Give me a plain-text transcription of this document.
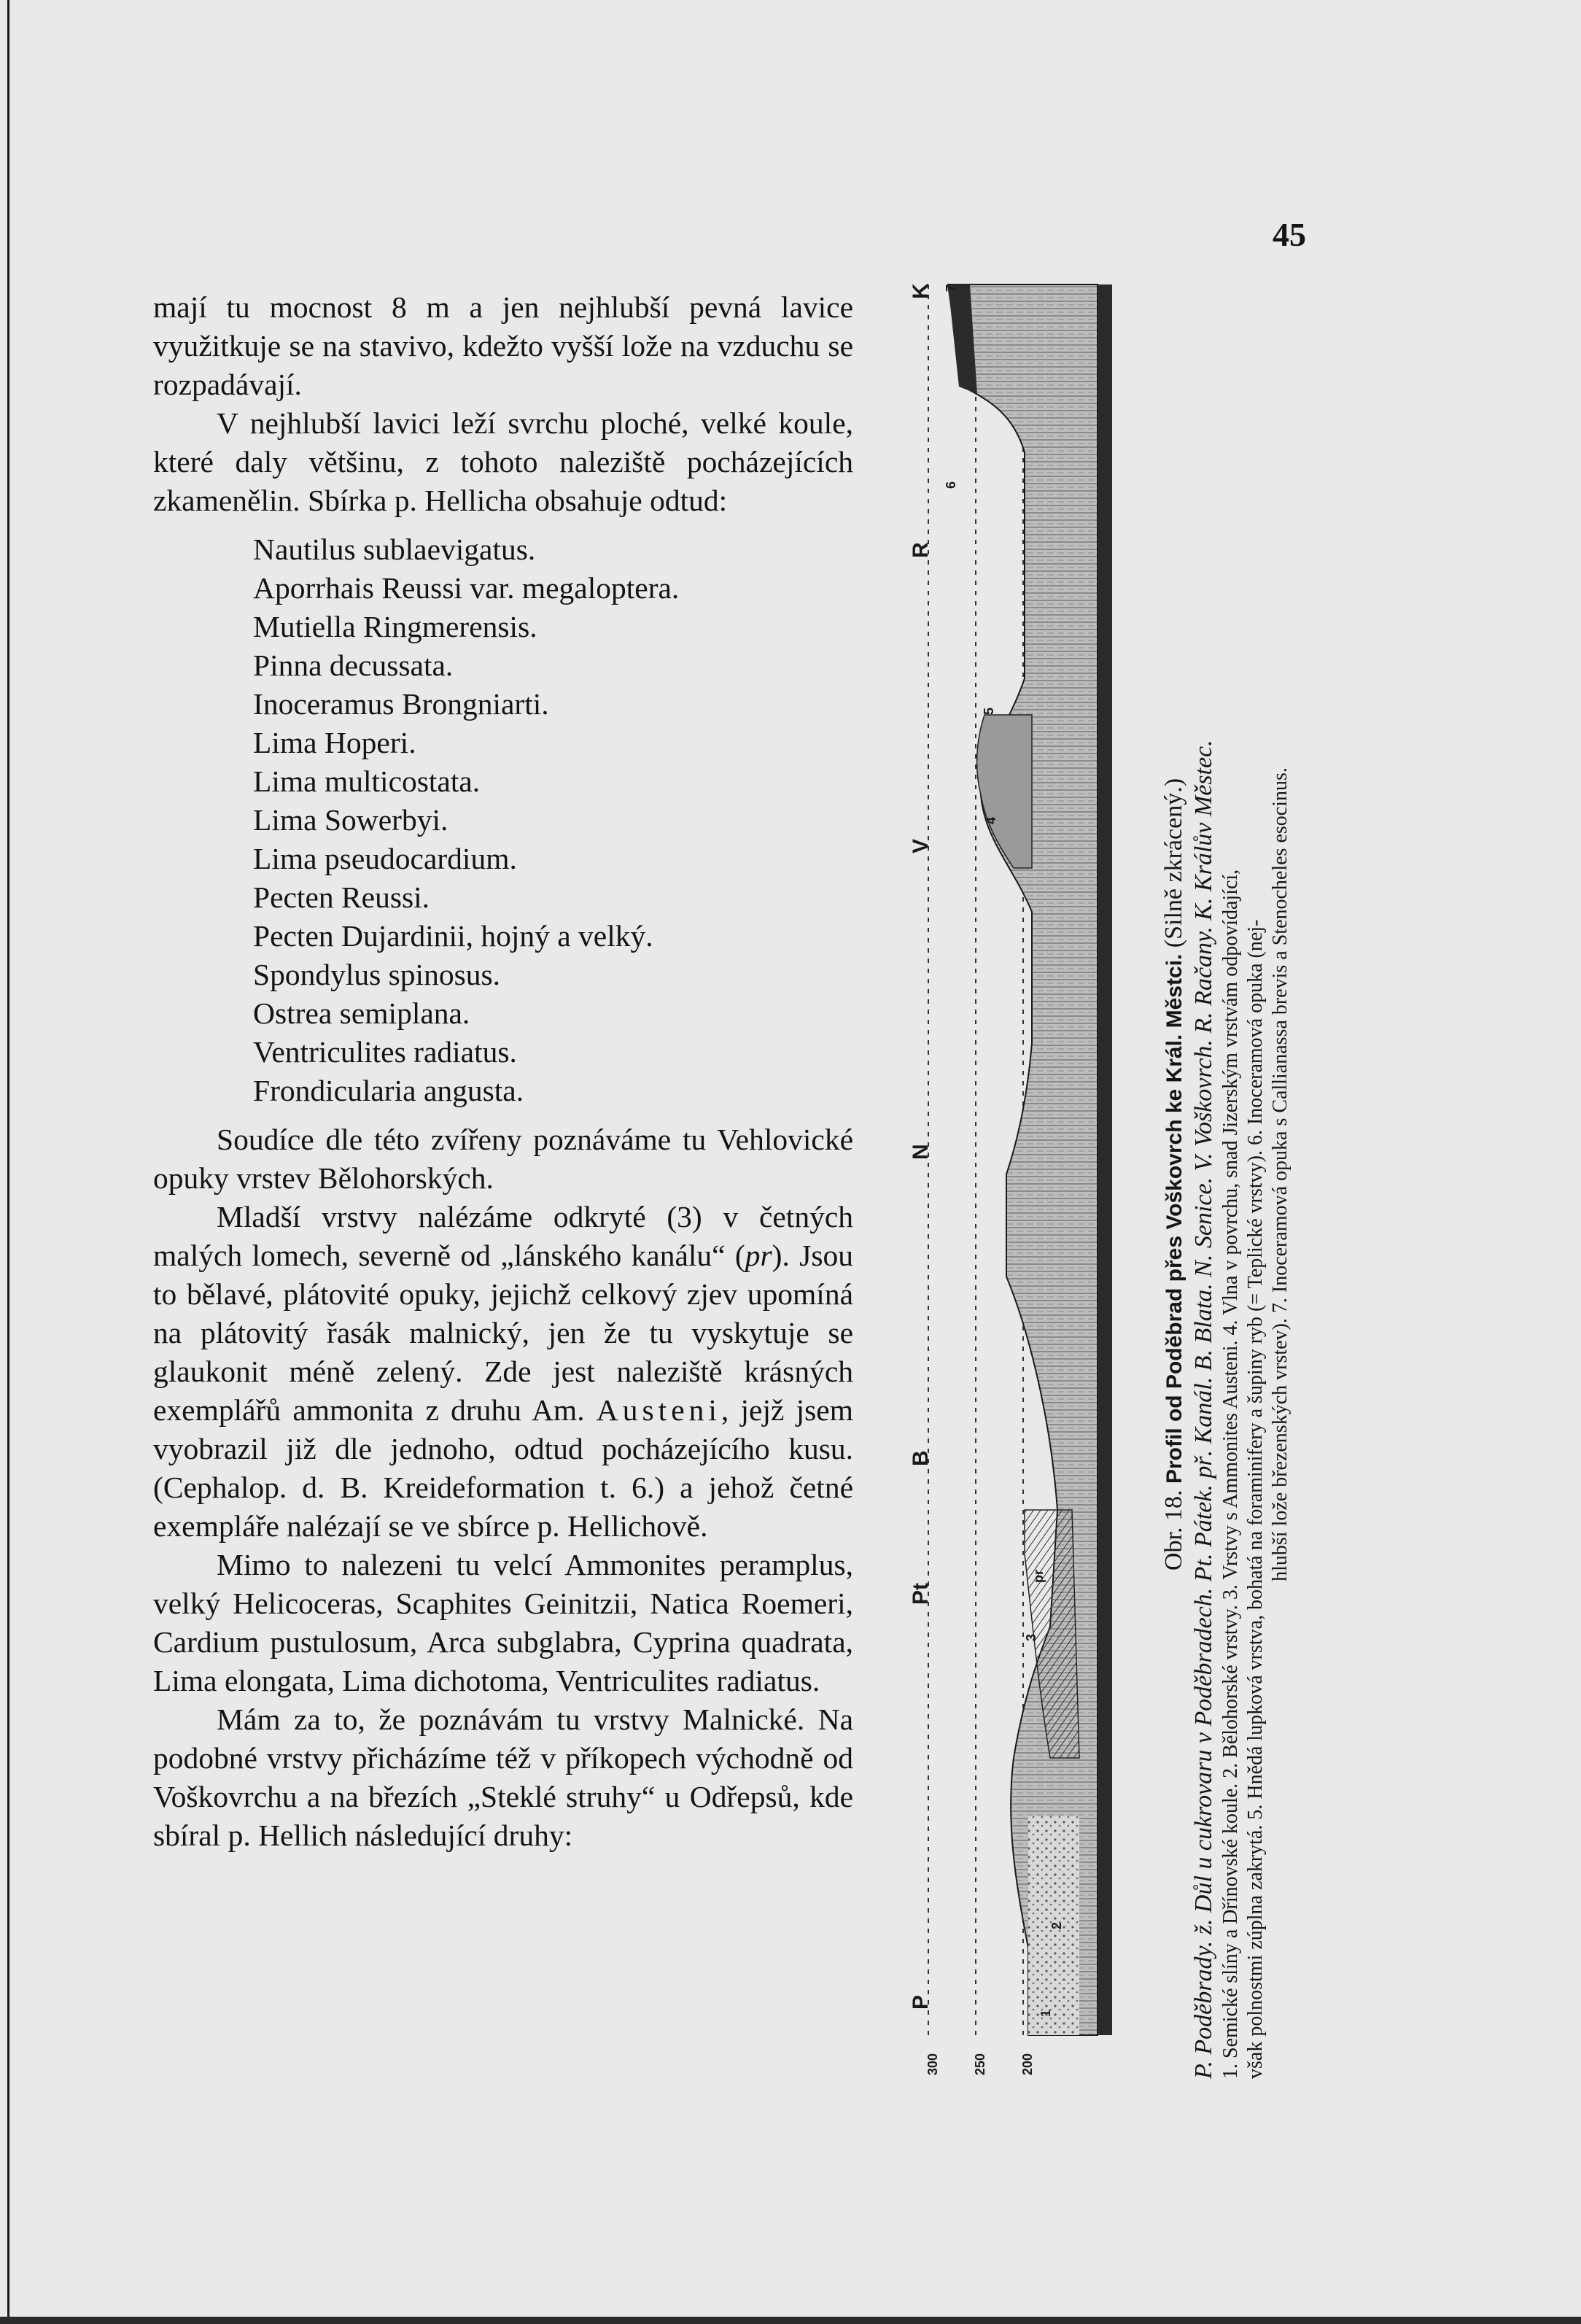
45

mají tu mocnost 8 m a jen nejhlubší pevná lavice využitkuje se na stavivo, kdežto vyšší lože na vzduchu se rozpadávají.

V nejhlubší lavici leží svrchu ploché, velké koule, které daly většinu, z tohoto naleziště pocházejících zkamenělin. Sbírka p. Hellicha obsahuje odtud:

Nautilus sublaevigatus.
Aporrhais Reussi var. megaloptera.
Mutiella Ringmerensis.
Pinna decussata.
Inoceramus Brongniarti.
Lima Hoperi.
Lima multicostata.
Lima Sowerbyi.
Lima pseudocardium.
Pecten Reussi.
Pecten Dujardinii, hojný a velký.
Spondylus spinosus.
Ostrea semiplana.
Ventriculites radiatus.
Frondicularia angusta.

Soudíce dle této zvířeny poznáváme tu Vehlovické opuky vrstev Bělohorských.

Mladší vrstvy nalézáme odkryté (3) v četných malých lomech, severně od „lánského kanálu“ (pr). Jsou to bělavé, plátovité opuky, jejichž celkový zjev upomíná na plátovitý řasák malnický, jen že tu vyskytuje se glaukonit méně zelený. Zde jest naleziště krásných exemplářů ammonita z druhu Am. Austeni, jejž jsem vyobrazil již dle jednoho, odtud pocházejícího kusu. (Cephalop. d. B. Kreideformation t. 6.) a jehož četné exempláře nalézají se ve sbírce p. Hellichově.

Mimo to nalezeni tu velcí Ammonites peramplus, velký Helicoceras, Scaphites Geinitzii, Natica Roemeri, Cardium pustulosum, Arca subglabra, Cyprina quadrata, Lima elongata, Lima dichotoma, Ventriculites radiatus.

Mám za to, že poznávám tu vrstvy Malnické. Na podobné vrstvy přicházíme též v příkopech východně od Voškovrchu a na březích „Steklé struhy“ u Odřepsů, kde sbíral p. Hellich následující druhy:

P
Pt
B
N
V
R
K
300	250	200
1
2
3
4
5
6
7
pr
Obr. 18. Profil od Poděbrad přes Voškovrch ke Král. Městci. (Silně zkrácený.) P. Poděbrady. ž. Důl u cukrovaru v Poděbradech. Pt. Pátek. př. Kanál. B. Blata. N. Senice. V. Voškovrch. R. Račany. K. Králův Městec. 1. Semické slíny a Dřínovské koule. 2. Bělohorské vrstvy. 3. Vrstvy s Ammonites Austeni. 4. Vlna v povrchu, snad Jizerským vrstvám odpovídající, však polnostmi zúplna zakrytá. 5. Hnědá lupková vrstva, bohatá na foraminifery a šupiny ryb (= Teplické vrstvy). 6. Inoceramová opuka (nej- hlubší lože březenských vrstev). 7. Inoceramová opuka s Callianassa brevis a Stenocheles esocinus.
